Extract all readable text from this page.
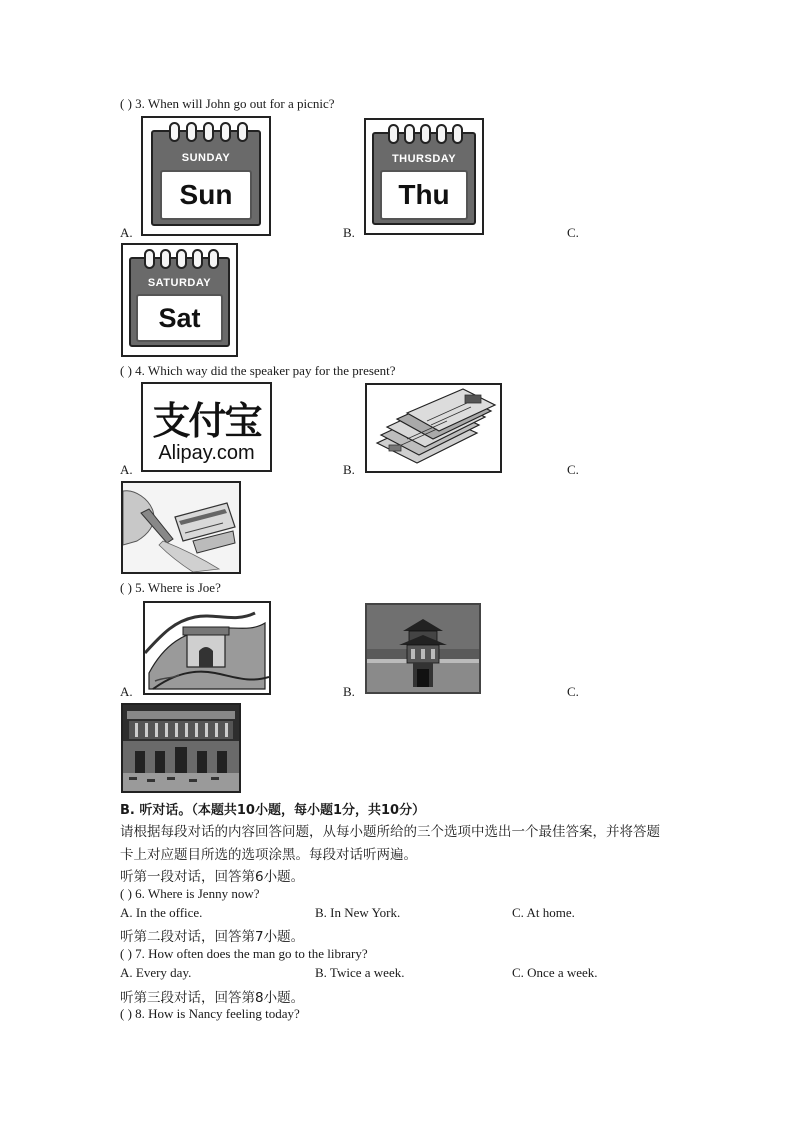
( ) 3. When will John go out for a picnic?
SUNDAY
Sun
THURSDAY
Thu
SATURDAY
Sat
A.	B.	C.
( ) 4. Which way did the speaker pay for the present?
支付宝
Alipay.com
A.	B.	C.
( ) 5. Where is Joe?
A.	B.	C.
B. 听对话。（本题共10小题，每小题1分，共10分）
请根据每段对话的内容回答问题，从每小题所给的三个选项中选出一个最佳答案，并将答题
卡上对应题目所选的选项涂黑。每段对话听两遍。
听第一段对话，回答第6小题。
( ) 6. Where is Jenny now?
A. In the office.	B. In New York.	C. At home.
听第二段对话，回答第7小题。
( ) 7. How often does the man go to the library?
A. Every day.	B. Twice a week.	C. Once a week.
听第三段对话，回答第8小题。
( ) 8. How is Nancy feeling today?
